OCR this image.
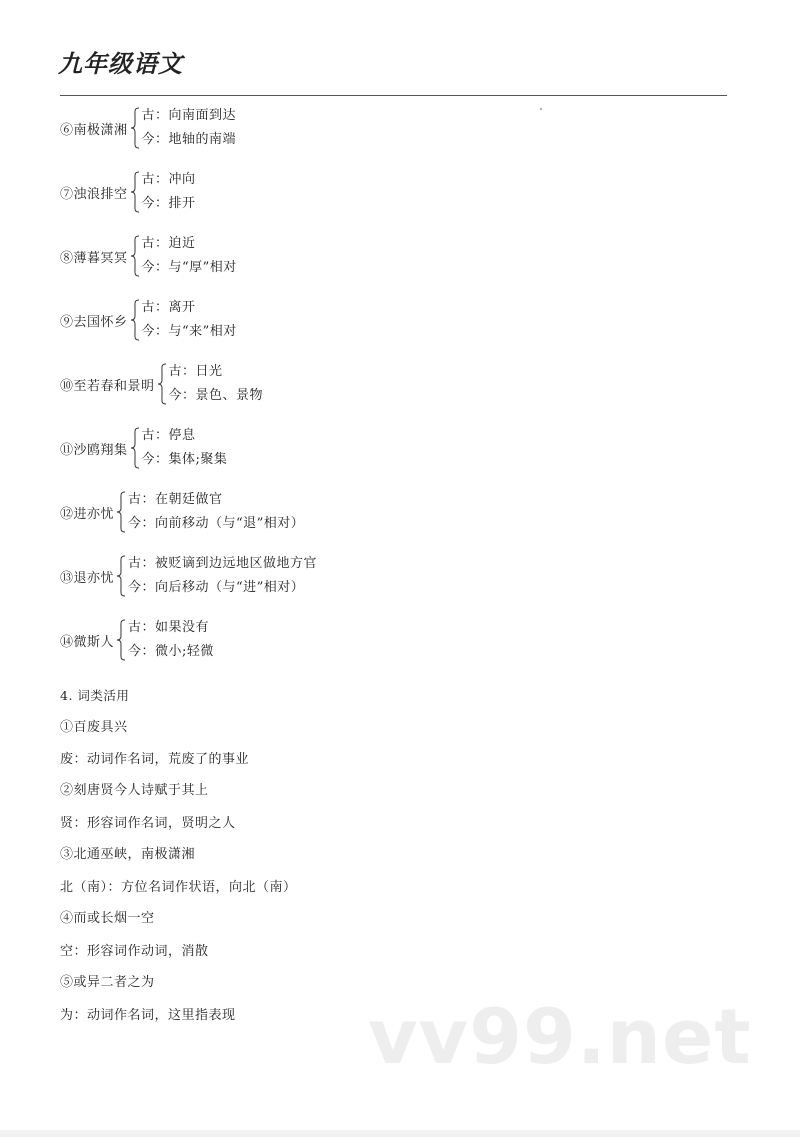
九年级语文
⑥南极潇湘
古：向南面到达
今：地轴的南端
⑦浊浪排空
古：冲向
今：排开
⑧薄暮冥冥
古：迫近
今：与“厚”相对
⑨去国怀乡
古：离开
今：与“来”相对
⑩至若春和景明
古：日光
今：景色、景物
⑪沙鸥翔集
古：停息
今：集体;聚集
⑫进亦忧
古：在朝廷做官
今：向前移动（与“退”相对）
⑬退亦忧
古：被贬谪到边远地区做地方官
今：向后移动（与“进”相对）
⑭微斯人
古：如果没有
今：微小;轻微
4. 词类活用
①百废具兴
废：动词作名词，荒废了的事业
②刻唐贤今人诗赋于其上
贤：形容词作名词，贤明之人
③北通巫峡，南极潇湘
北（南）：方位名词作状语，向北（南）
④而或长烟一空
空：形容词作动词，消散
⑤或异二者之为
为：动词作名词，这里指表现 vv99.net
